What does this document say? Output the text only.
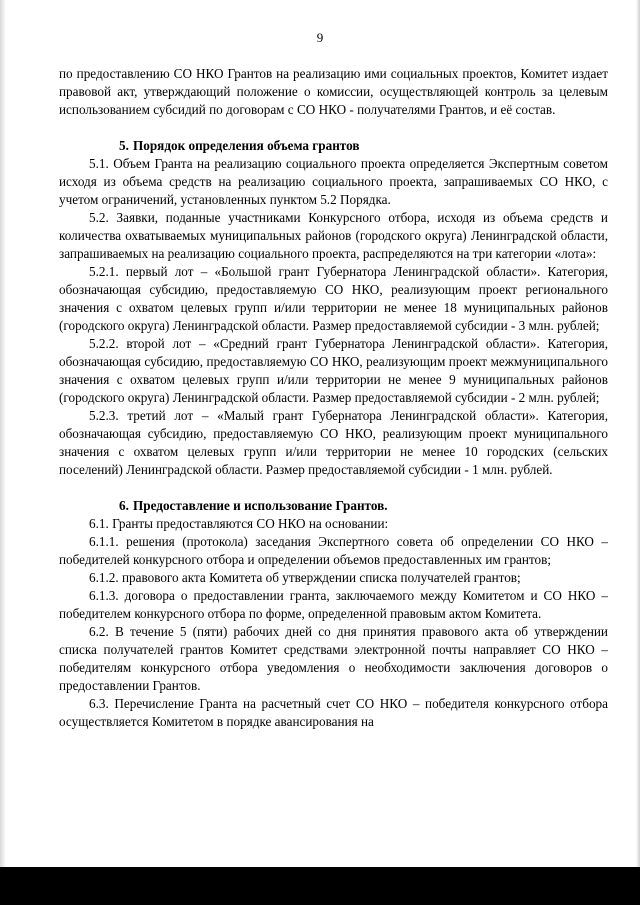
9

по предоставлению СО НКО Грантов на реализацию ими социальных проектов, Комитет издает правовой акт, утверждающий положение о комиссии, осуществляющей контроль за целевым использованием субсидий по договорам с СО НКО - получателями Грантов, и её состав.

5. Порядок определения объема грантов

5.1. Объем Гранта на реализацию социального проекта определяется Экспертным советом исходя из объема средств на реализацию социального проекта, запрашиваемых СО НКО, с учетом ограничений, установленных пунктом 5.2 Порядка.

5.2. Заявки, поданные участниками Конкурсного отбора, исходя из объема средств и количества охватываемых муниципальных районов (городского округа) Ленинградской области, запрашиваемых на реализацию социального проекта, распределяются на три категории «лота»:

5.2.1. первый лот – «Большой грант Губернатора Ленинградской области». Категория, обозначающая субсидию, предоставляемую СО НКО, реализующим проект регионального значения с охватом целевых групп и/или территории не менее 18 муниципальных районов (городского округа) Ленинградской области. Размер предоставляемой субсидии - 3 млн. рублей;

5.2.2. второй лот – «Средний грант Губернатора Ленинградской области». Категория, обозначающая субсидию, предоставляемую СО НКО, реализующим проект межмуниципального значения с охватом целевых групп и/или территории не менее 9 муниципальных районов (городского округа) Ленинградской области. Размер предоставляемой субсидии - 2 млн. рублей;

5.2.3. третий лот – «Малый грант Губернатора Ленинградской области». Категория, обозначающая субсидию, предоставляемую СО НКО, реализующим проект муниципального значения с охватом целевых групп и/или территории не менее 10 городских (сельских поселений) Ленинградской области. Размер предоставляемой субсидии - 1 млн. рублей.

6. Предоставление и использование Грантов.

6.1. Гранты предоставляются СО НКО на основании:

6.1.1. решения (протокола) заседания Экспертного совета об определении СО НКО – победителей конкурсного отбора и определении объемов предоставленных им грантов;

6.1.2. правового акта Комитета об утверждении списка получателей грантов;

6.1.3. договора о предоставлении гранта, заключаемого между Комитетом и СО НКО – победителем конкурсного отбора по форме, определенной правовым актом Комитета.

6.2. В течение 5 (пяти) рабочих дней со дня принятия правового акта об утверждении списка получателей грантов Комитет средствами электронной почты направляет СО НКО – победителям конкурсного отбора уведомления о необходимости заключения договоров о предоставлении Грантов.

6.3. Перечисление Гранта на расчетный счет СО НКО – победителя конкурсного отбора осуществляется Комитетом в порядке авансирования на
